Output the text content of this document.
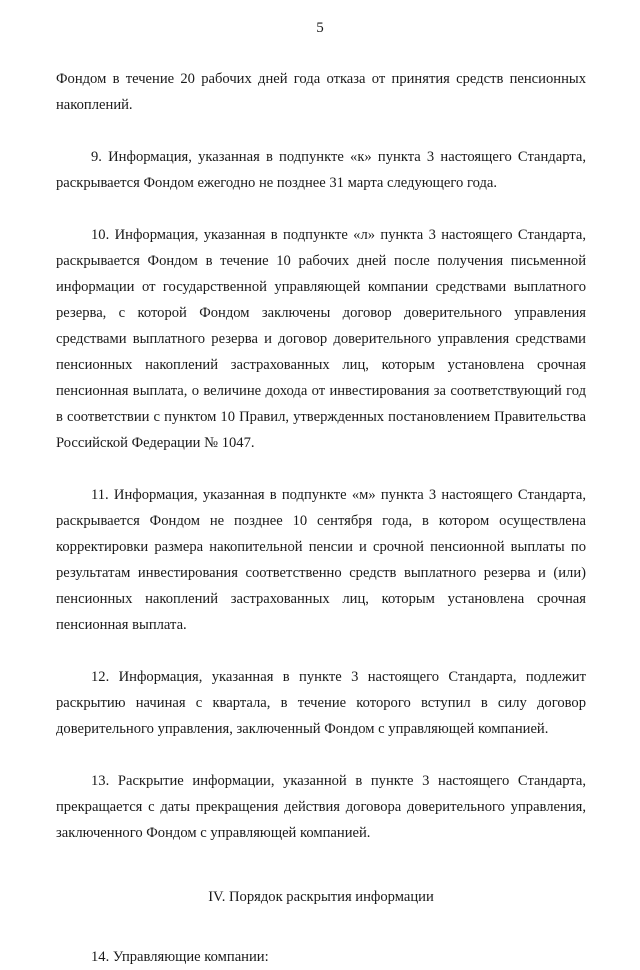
5

Фондом в течение 20 рабочих дней года отказа от принятия средств пенсионных накоплений.

9. Информация, указанная в подпункте «к» пункта 3 настоящего Стандарта, раскрывается Фондом ежегодно не позднее 31 марта следующего года.

10. Информация, указанная в подпункте «л» пункта 3 настоящего Стандарта, раскрывается Фондом в течение 10 рабочих дней после получения письменной информации от государственной управляющей компании средствами выплатного резерва, с которой Фондом заключены договор доверительного управления средствами выплатного резерва и договор доверительного управления средствами пенсионных накоплений застрахованных лиц, которым установлена срочная пенсионная выплата, о величине дохода от инвестирования за соответствующий год в соответствии с пунктом 10 Правил, утвержденных постановлением Правительства Российской Федерации № 1047.

11. Информация, указанная в подпункте «м» пункта 3 настоящего Стандарта, раскрывается Фондом не позднее 10 сентября года, в котором осуществлена корректировки размера накопительной пенсии и срочной пенсионной выплаты по результатам инвестирования соответственно средств выплатного резерва и (или) пенсионных накоплений застрахованных лиц, которым установлена срочная пенсионная выплата.

12. Информация, указанная в пункте 3 настоящего Стандарта, подлежит раскрытию начиная с квартала, в течение которого вступил в силу договор доверительного управления, заключенный Фондом с управляющей компанией.

13. Раскрытие информации, указанной в пункте 3 настоящего Стандарта, прекращается с даты прекращения действия договора доверительного управления, заключенного Фондом с управляющей компанией.

IV. Порядок раскрытия информации

14. Управляющие компании:
